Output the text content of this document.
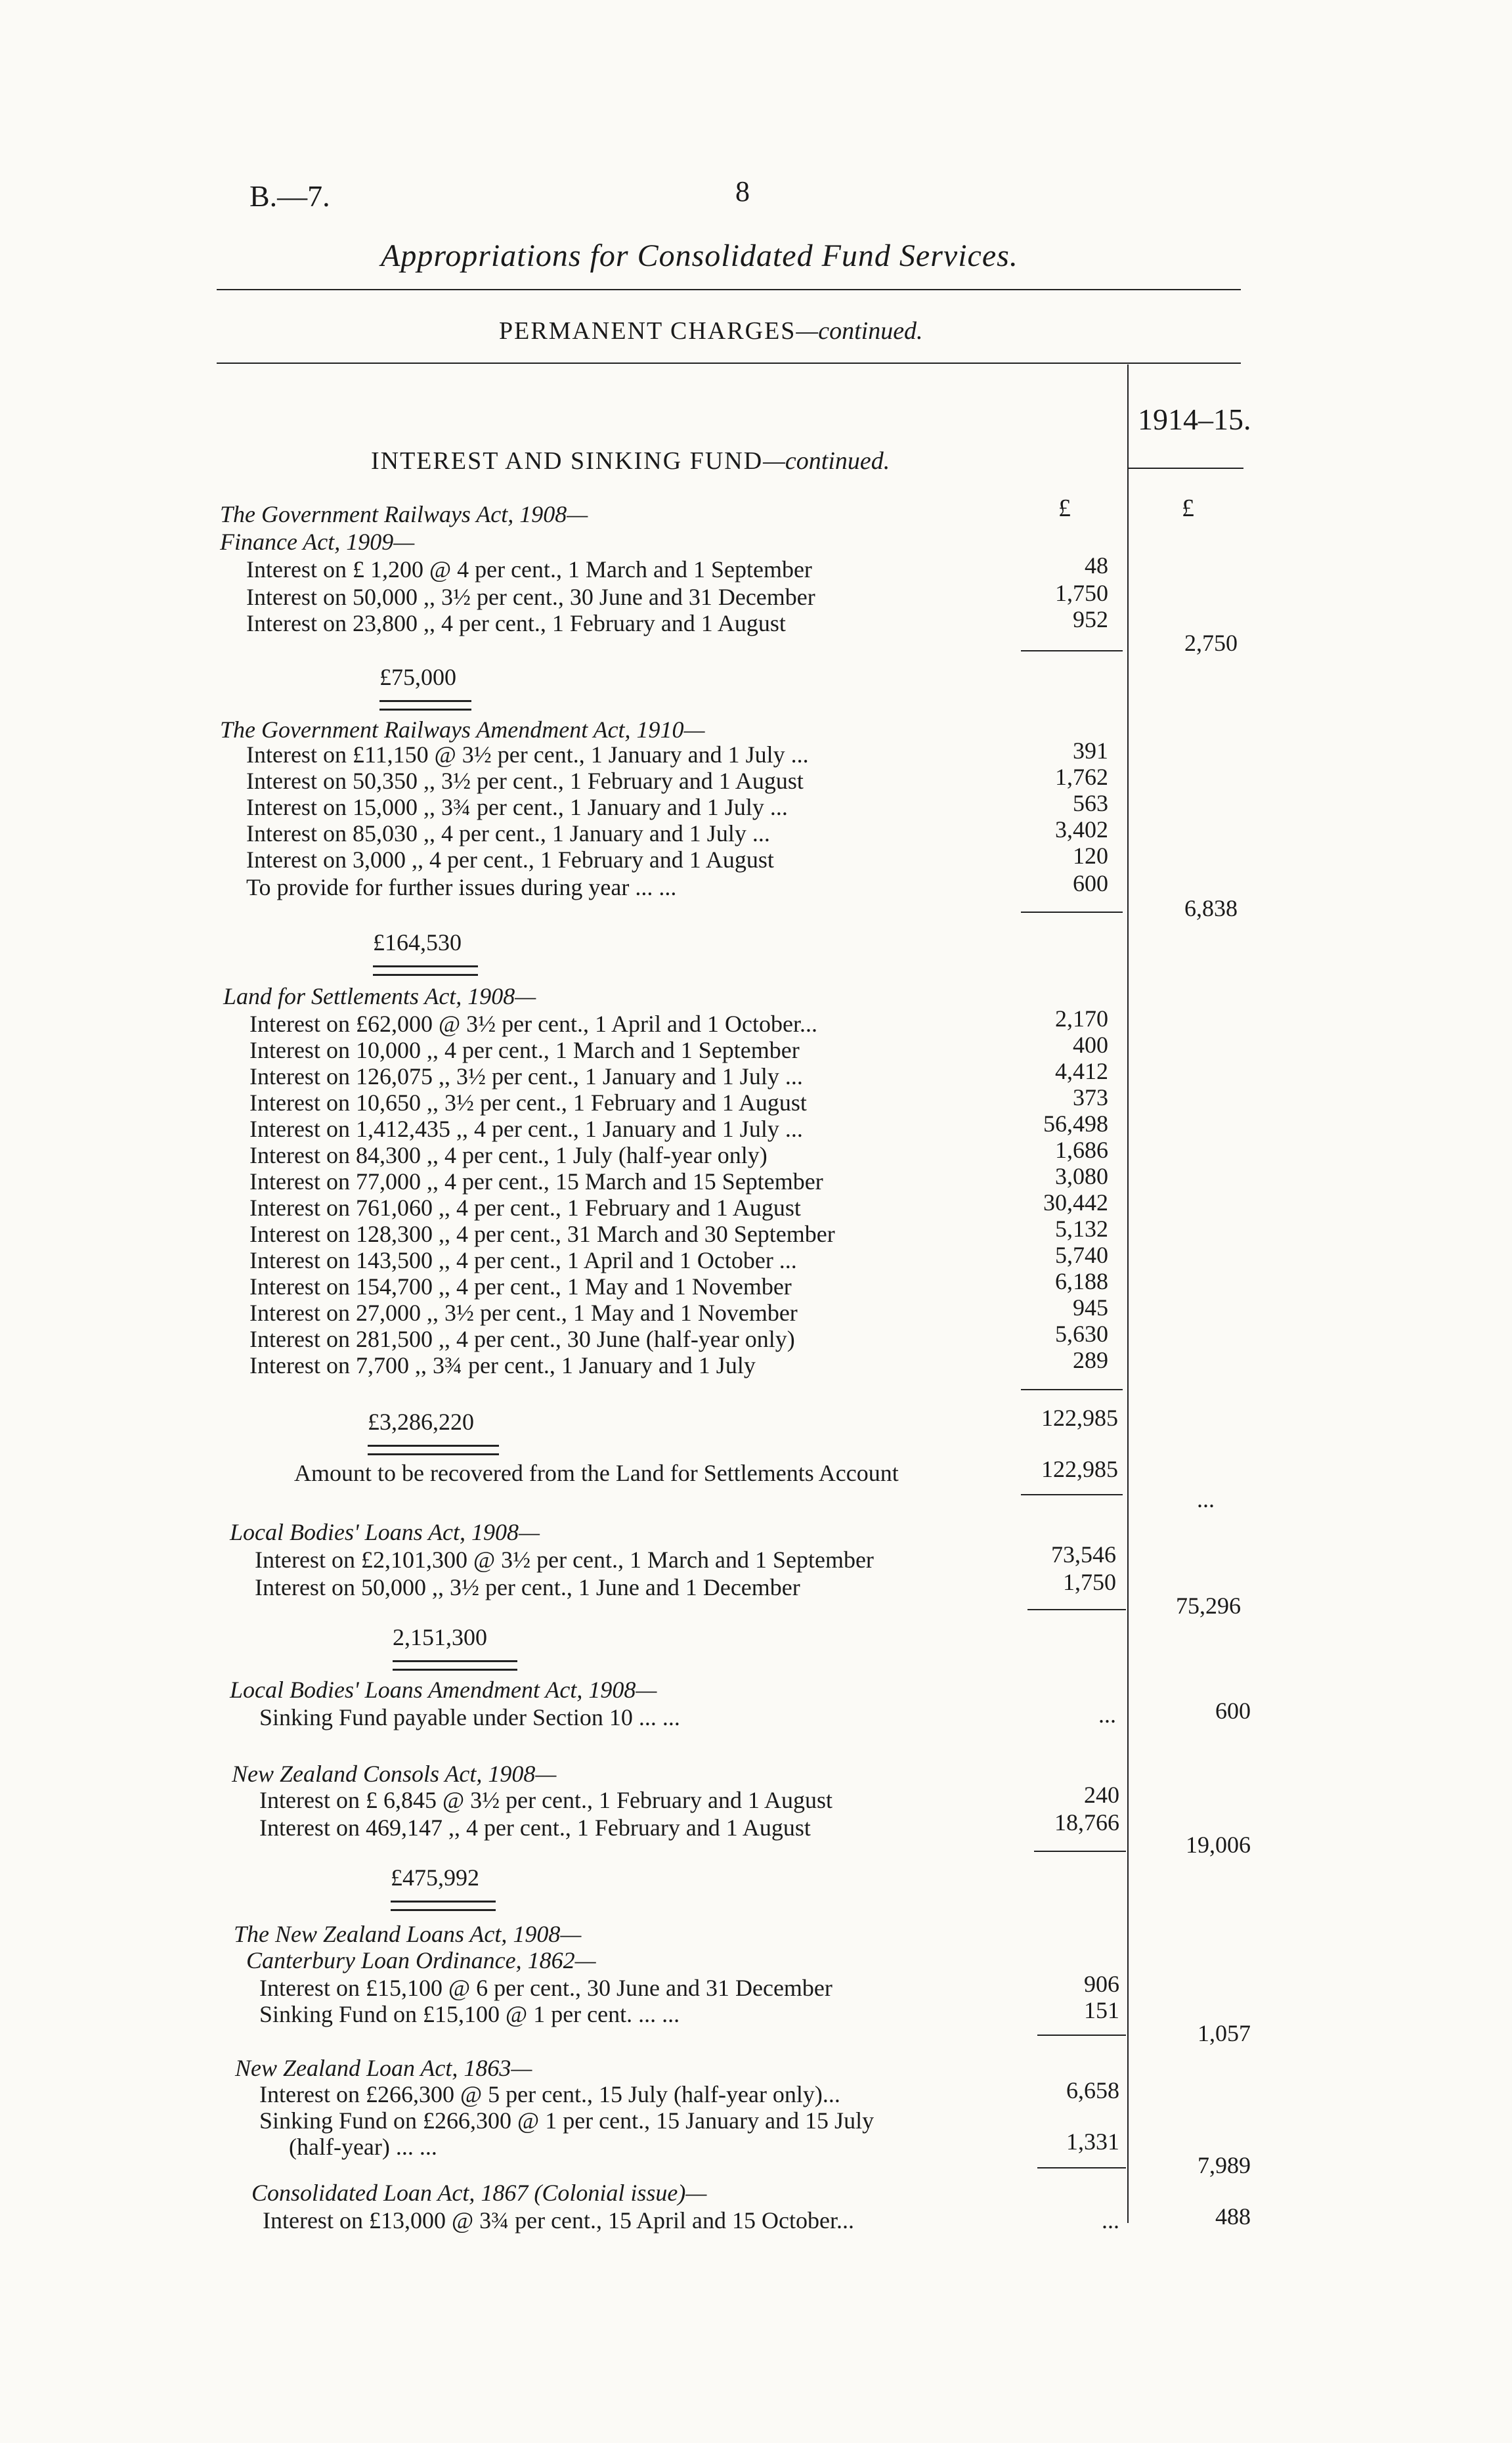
B.—7.	8
Appropriations for Consolidated Fund Services.
PERMANENT CHARGES—continued.
1914–15.
INTEREST AND SINKING FUND—continued.
£	£
The Government Railways Act, 1908—
Finance Act, 1909—
Interest on £ 1,200 @ 4 per cent., 1 March and 1 September	48
Interest on 50,000 ,, 3½ per cent., 30 June and 31 December	1,750
Interest on 23,800 ,, 4 per cent., 1 February and 1 August	952
2,750
£75,000
The Government Railways Amendment Act, 1910—
Interest on £11,150 @ 3½ per cent., 1 January and 1 July ...	391
Interest on 50,350 ,, 3½ per cent., 1 February and 1 August	1,762
Interest on 15,000 ,, 3¾ per cent., 1 January and 1 July ...	563
Interest on 85,030 ,, 4 per cent., 1 January and 1 July ...	3,402
Interest on 3,000 ,, 4 per cent., 1 February and 1 August	120
To provide for further issues during year ... ...	600
6,838
£164,530
Land for Settlements Act, 1908—
Interest on £62,000 @ 3½ per cent., 1 April and 1 October...	2,170
Interest on 10,000 ,, 4 per cent., 1 March and 1 September	400
Interest on 126,075 ,, 3½ per cent., 1 January and 1 July ...	4,412
Interest on 10,650 ,, 3½ per cent., 1 February and 1 August	373
Interest on 1,412,435 ,, 4 per cent., 1 January and 1 July ...	56,498
Interest on 84,300 ,, 4 per cent., 1 July (half-year only)	1,686
Interest on 77,000 ,, 4 per cent., 15 March and 15 September	3,080
Interest on 761,060 ,, 4 per cent., 1 February and 1 August	30,442
Interest on 128,300 ,, 4 per cent., 31 March and 30 September	5,132
Interest on 143,500 ,, 4 per cent., 1 April and 1 October ...	5,740
Interest on 154,700 ,, 4 per cent., 1 May and 1 November	6,188
Interest on 27,000 ,, 3½ per cent., 1 May and 1 November	945
Interest on 281,500 ,, 4 per cent., 30 June (half-year only)	5,630
Interest on 7,700 ,, 3¾ per cent., 1 January and 1 July	289
£3,286,220	122,985
Amount to be recovered from the Land for Settlements Account	122,985
...
Local Bodies' Loans Act, 1908—
Interest on £2,101,300 @ 3½ per cent., 1 March and 1 September	73,546
Interest on 50,000 ,, 3½ per cent., 1 June and 1 December	1,750
75,296
2,151,300
Local Bodies' Loans Amendment Act, 1908—
Sinking Fund payable under Section 10 ... ...	...	600
New Zealand Consols Act, 1908—
Interest on £ 6,845 @ 3½ per cent., 1 February and 1 August	240
Interest on 469,147 ,, 4 per cent., 1 February and 1 August	18,766
19,006
£475,992
The New Zealand Loans Act, 1908—
Canterbury Loan Ordinance, 1862—
Interest on £15,100 @ 6 per cent., 30 June and 31 December	906
Sinking Fund on £15,100 @ 1 per cent. ... ...	151
1,057
New Zealand Loan Act, 1863—
Interest on £266,300 @ 5 per cent., 15 July (half-year only)...	6,658
Sinking Fund on £266,300 @ 1 per cent., 15 January and 15 July
(half-year) ... ...	1,331
7,989
Consolidated Loan Act, 1867 (Colonial issue)—
Interest on £13,000 @ 3¾ per cent., 15 April and 15 October...	...	488
